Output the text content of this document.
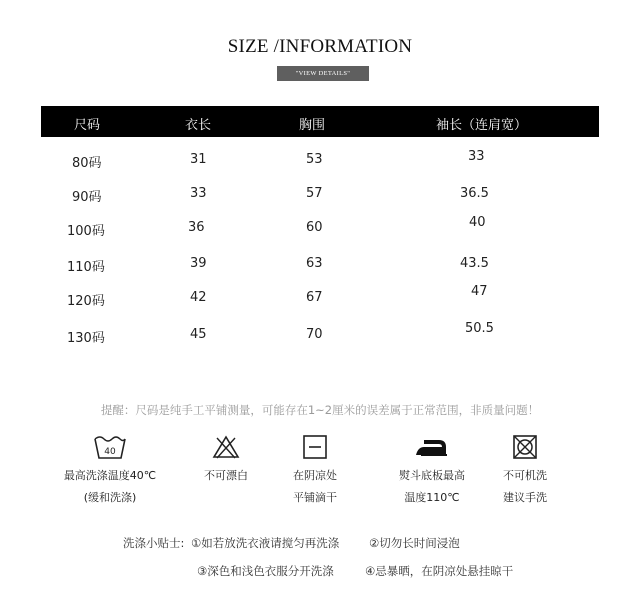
SIZE /INFORMATION
"VIEW DETAILS"
尺码	衣长	胸围	袖长（连肩宽）
80码	31	53	33
90码	33	57	36.5
100码	36	60	40
110码	39	63	43.5
120码	42	67	47
130码	45	70	50.5
提醒：尺码是纯手工平铺测量，可能存在1~2厘米的误差属于正常范围，非质量问题！
40
最高洗涤温度40℃
(缓和洗涤)
不可漂白	在阴凉处
平铺滴干
熨斗底板最高
温度110℃
不可机洗
建议手洗
洗涤小贴士: ①如若放洗衣液请搅匀再洗涤	②切勿长时间浸泡
③深色和浅色衣服分开洗涤	④忌暴晒，在阴凉处悬挂晾干
